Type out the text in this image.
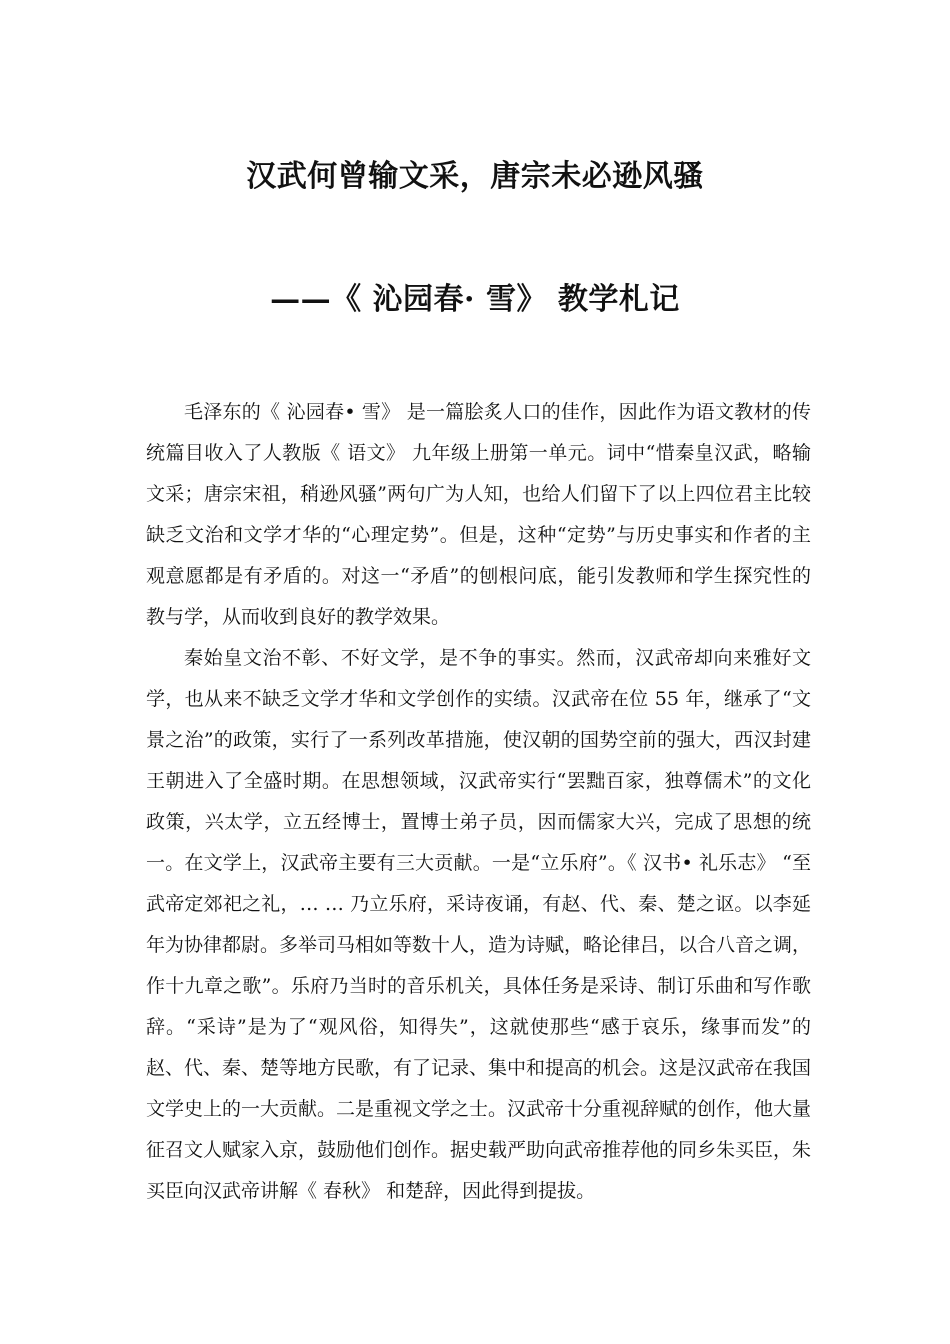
汉武何曾输文采，唐宗未必逊风骚
——《 沁园春· 雪》 教学札记

毛泽东的《 沁园春• 雪》 是一篇脍炙人口的佳作，因此作为语文教材的传统篇目收入了人教版《 语文》 九年级上册第一单元。词中“惜秦皇汉武，略输文采；唐宗宋祖，稍逊风骚”两句广为人知，也给人们留下了以上四位君主比较缺乏文治和文学才华的“心理定势”。但是，这种“定势”与历史事实和作者的主观意愿都是有矛盾的。对这一“矛盾”的刨根问底，能引发教师和学生探究性的教与学，从而收到良好的教学效果。

秦始皇文治不彰、不好文学，是不争的事实。然而，汉武帝却向来雅好文学，也从来不缺乏文学才华和文学创作的实绩。汉武帝在位 55 年，继承了“文景之治”的政策，实行了一系列改革措施，使汉朝的国势空前的强大，西汉封建王朝进入了全盛时期。在思想领域，汉武帝实行“罢黜百家，独尊儒术”的文化政策，兴太学，立五经博士，置博士弟子员，因而儒家大兴，完成了思想的统一。在文学上，汉武帝主要有三大贡献。一是“立乐府”。《 汉书• 礼乐志》 “至武帝定郊祀之礼，… … 乃立乐府，采诗夜诵，有赵、代、秦、楚之讴。以李延年为协律都尉。多举司马相如等数十人，造为诗赋，略论律吕，以合八音之调，作十九章之歌”。乐府乃当时的音乐机关，具体任务是采诗、制订乐曲和写作歌辞。“采诗”是为了“观风俗，知得失”，这就使那些“感于哀乐，缘事而发”的赵、代、秦、楚等地方民歌，有了记录、集中和提高的机会。这是汉武帝在我国文学史上的一大贡献。二是重视文学之士。汉武帝十分重视辞赋的创作，他大量征召文人赋家入京，鼓励他们创作。据史载严助向武帝推荐他的同乡朱买臣，朱买臣向汉武帝讲解《 春秋》 和楚辞，因此得到提拔。
